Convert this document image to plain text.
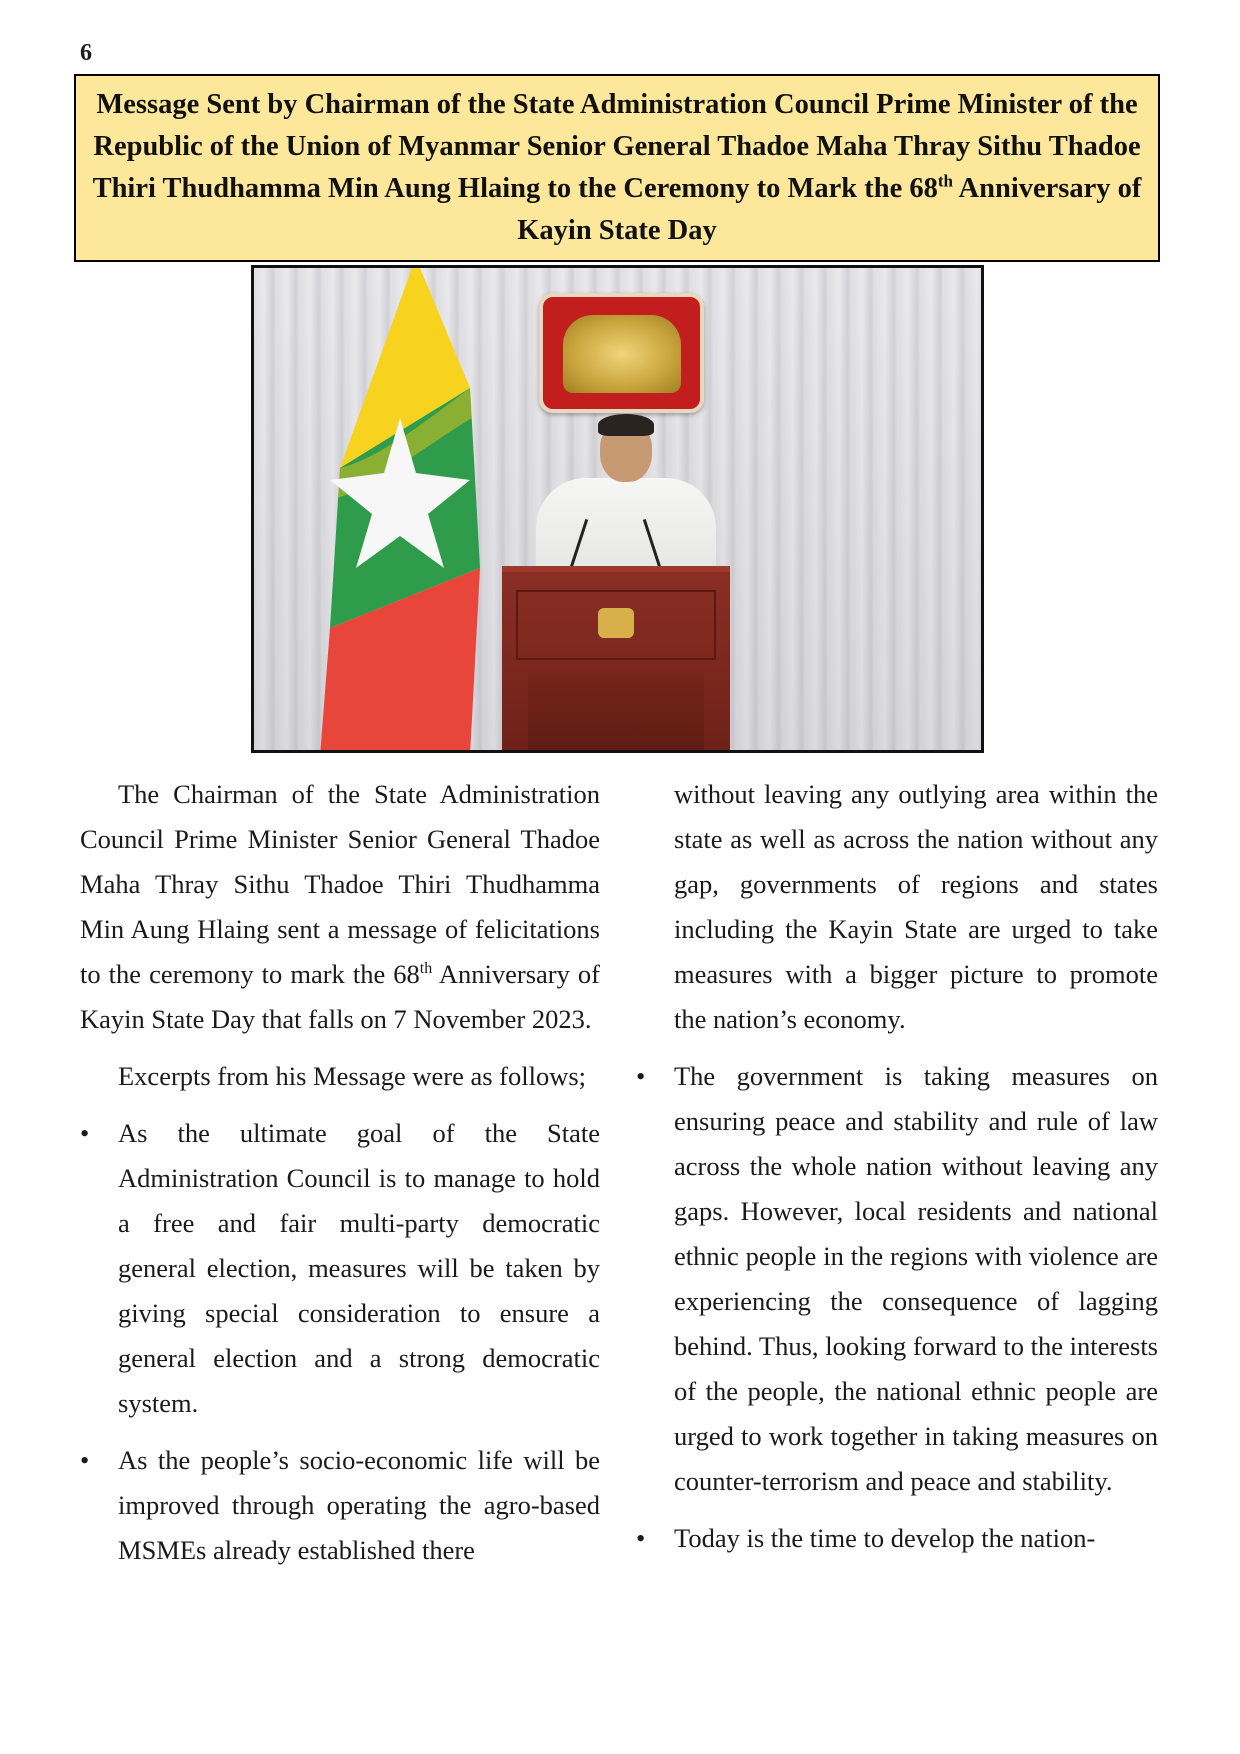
6
Message Sent by Chairman of the State Administration Council Prime Minister of the Republic of the Union of Myanmar Senior General Thadoe Maha Thray Sithu Thadoe Thiri Thudhamma Min Aung Hlaing to the Ceremony to Mark the 68th Anniversary of Kayin State Day

The Chairman of the State Administration Council Prime Minister Senior General Thadoe Maha Thray Sithu Thadoe Thiri Thudhamma Min Aung Hlaing sent a message of felicitations to the ceremony to mark the 68th Anniversary of Kayin State Day that falls on 7 November 2023.

Excerpts from his Message were as follows;

•	As the ultimate goal of the State Administration Council is to manage to hold a free and fair multi-party democratic general election, measures will be taken by giving special consideration to ensure a general election and a strong democratic system.
•	As the people’s socio-economic life will be improved through operating the agro-based MSMEs already established there

without leaving any outlying area within the state as well as across the nation without any gap, governments of regions and states including the Kayin State are urged to take measures with a bigger picture to promote the nation’s economy.

•	The government is taking measures on ensuring peace and stability and rule of law across the whole nation without leaving any gaps. However, local residents and national ethnic people in the regions with violence are experiencing the consequence of lagging behind. Thus, looking forward to the interests of the people, the national ethnic people are urged to work together in taking measures on counter-terrorism and peace and stability.
•	Today is the time to develop the nation-
